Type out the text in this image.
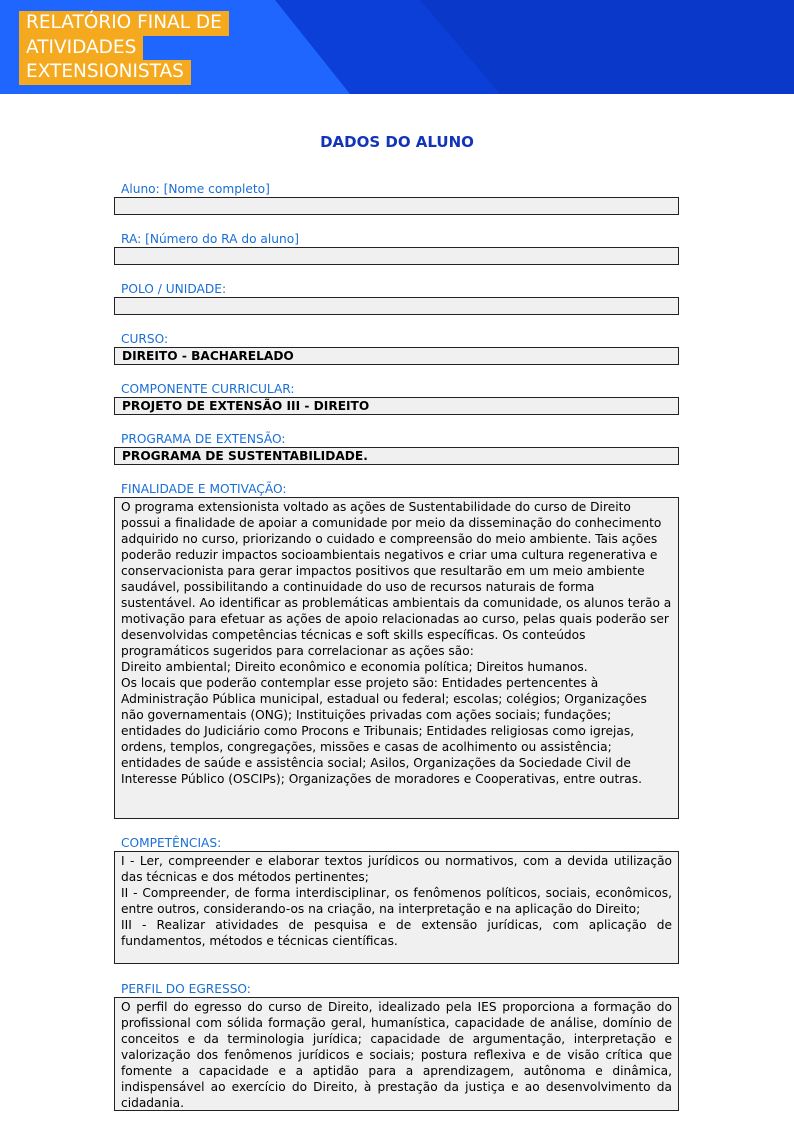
RELATÓRIO FINAL DE
ATIVIDADES
EXTENSIONISTAS
DADOS DO ALUNO
Aluno: [Nome completo]
RA: [Número do RA do aluno]
POLO / UNIDADE:
CURSO:
DIREITO - BACHARELADO
COMPONENTE CURRICULAR:
PROJETO DE EXTENSÃO III - DIREITO
PROGRAMA DE EXTENSÃO:
PROGRAMA DE SUSTENTABILIDADE.
FINALIDADE E MOTIVAÇÃO:

O programa extensionista voltado as ações de Sustentabilidade do curso de Direito possui a finalidade de apoiar a comunidade por meio da disseminação do conhecimento adquirido no curso, priorizando o cuidado e compreensão do meio ambiente. Tais ações poderão reduzir impactos socioambientais negativos e criar uma cultura regenerativa e conservacionista para gerar impactos positivos que resultarão em um meio ambiente saudável, possibilitando a continuidade do uso de recursos naturais de forma sustentável. Ao identificar as problemáticas ambientais da comunidade, os alunos terão a motivação para efetuar as ações de apoio relacionadas ao curso, pelas quais poderão ser desenvolvidas competências técnicas e soft skills específicas. Os conteúdos programáticos sugeridos para correlacionar as ações são:

Direito ambiental; Direito econômico e economia política; Direitos humanos.

Os locais que poderão contemplar esse projeto são: Entidades pertencentes à Administração Pública municipal, estadual ou federal; escolas; colégios; Organizações não governamentais (ONG); Instituições privadas com ações sociais; fundações; entidades do Judiciário como Procons e Tribunais; Entidades religiosas como igrejas, ordens, templos, congregações, missões e casas de acolhimento ou assistência; entidades de saúde e assistência social; Asilos, Organizações da Sociedade Civil de Interesse Público (OSCIPs); Organizações de moradores e Cooperativas, entre outras.

COMPETÊNCIAS:

I - Ler, compreender e elaborar textos jurídicos ou normativos, com a devida utilização das técnicas e dos métodos pertinentes;

II - Compreender, de forma interdisciplinar, os fenômenos políticos, sociais, econômicos, entre outros, considerando-os na criação, na interpretação e na aplicação do Direito;

III - Realizar atividades de pesquisa e de extensão jurídicas, com aplicação de fundamentos, métodos e técnicas científicas.

PERFIL DO EGRESSO:

O perfil do egresso do curso de Direito, idealizado pela IES proporciona a formação do profissional com sólida formação geral, humanística, capacidade de análise, domínio de conceitos e da terminologia jurídica; capacidade de argumentação, interpretação e valorização dos fenômenos jurídicos e sociais; postura reflexiva e de visão crítica que fomente a capacidade e a aptidão para a aprendizagem, autônoma e dinâmica, indispensável ao exercício do Direito, à prestação da justiça e ao desenvolvimento da cidadania.
